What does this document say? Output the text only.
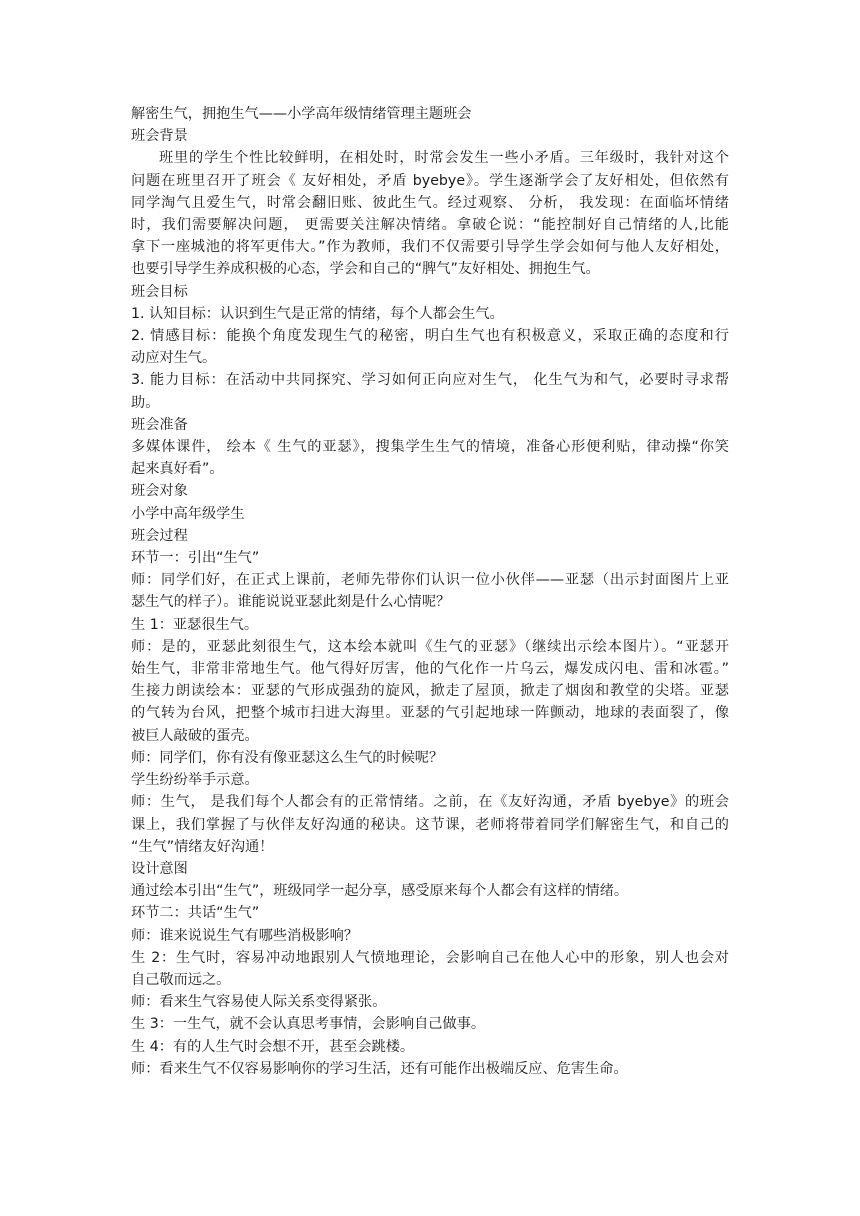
解密生气，拥抱生气——小学高年级情绪管理主题班会
班会背景
班里的学生个性比较鲜明，在相处时，时常会发生一些小矛盾。三年级时，我针对这个
问题在班里召开了班会《 友好相处，矛盾 byebye》。学生逐渐学会了友好相处，但依然有
同学淘气且爱生气，时常会翻旧账、彼此生气。经过观察、 分析， 我发现：在面临坏情绪
时，我们需要解决问题， 更需要关注解决情绪。拿破仑说：“能控制好自己情绪的人,比能
拿下一座城池的将军更伟大。”作为教师，我们不仅需要引导学生学会如何与他人友好相处，
也要引导学生养成积极的心态，学会和自己的“脾气”友好相处、拥抱生气。
班会目标
1. 认知目标：认识到生气是正常的情绪，每个人都会生气。
2. 情感目标：能换个角度发现生气的秘密，明白生气也有积极意义，采取正确的态度和行
动应对生气。
3. 能力目标：在活动中共同探究、学习如何正向应对生气， 化生气为和气，必要时寻求帮
助。
班会准备
多媒体课件， 绘本《 生气的亚瑟》，搜集学生生气的情境，准备心形便利贴，律动操“你笑
起来真好看”。
班会对象
小学中高年级学生
班会过程
环节一：引出“生气”
师：同学们好，在正式上课前，老师先带你们认识一位小伙伴——亚瑟（出示封面图片上亚
瑟生气的样子）。谁能说说亚瑟此刻是什么心情呢？
生 1：亚瑟很生气。
师：是的，亚瑟此刻很生气，这本绘本就叫《生气的亚瑟》（继续出示绘本图片）。“亚瑟开
始生气，非常非常地生气。他气得好厉害，他的气化作一片乌云，爆发成闪电、雷和冰雹。”
生接力朗读绘本：亚瑟的气形成强劲的旋风，掀走了屋顶，掀走了烟囱和教堂的尖塔。亚瑟
的气转为台风，把整个城市扫进大海里。亚瑟的气引起地球一阵颤动，地球的表面裂了，像
被巨人敲破的蛋壳。
师：同学们，你有没有像亚瑟这么生气的时候呢？
学生纷纷举手示意。
师：生气， 是我们每个人都会有的正常情绪。之前，在《友好沟通，矛盾 byebye》的班会
课上，我们掌握了与伙伴友好沟通的秘诀。这节课，老师将带着同学们解密生气，和自己的
“生气”情绪友好沟通！
设计意图
通过绘本引出“生气”，班级同学一起分享，感受原来每个人都会有这样的情绪。
环节二：共话“生气”
师：谁来说说生气有哪些消极影响？
生 2：生气时，容易冲动地跟别人气愤地理论，会影响自己在他人心中的形象，别人也会对
自己敬而远之。
师：看来生气容易使人际关系变得紧张。
生 3：一生气，就不会认真思考事情，会影响自己做事。
生 4：有的人生气时会想不开，甚至会跳楼。
师：看来生气不仅容易影响你的学习生活，还有可能作出极端反应、危害生命。
